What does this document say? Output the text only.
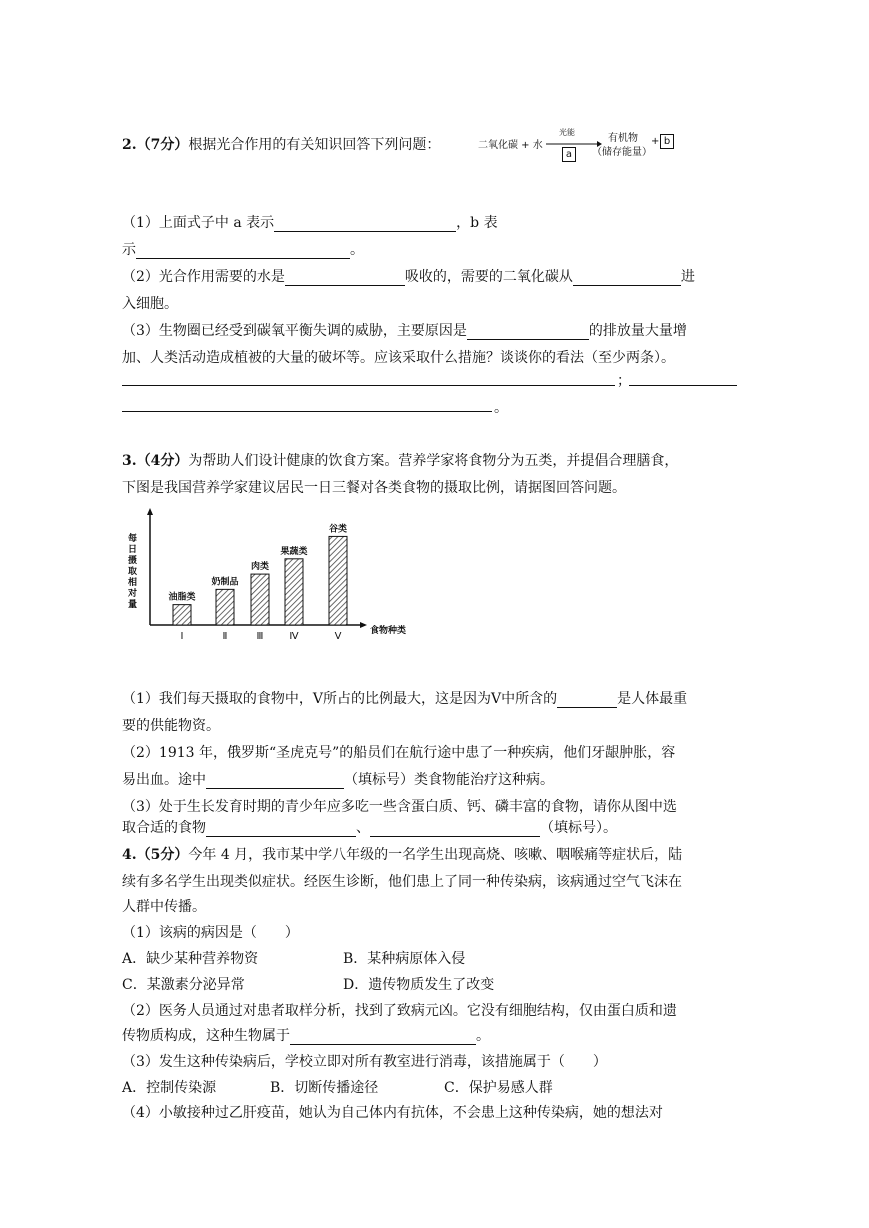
2.（7分）根据光合作用的有关知识回答下列问题：	二氧化碳 + 水
光能
a
有机物
（储存能量）
+ b
（1）上面式子中 a 表示	，b 表
示	。
（2）光合作用需要的水是	吸收的，需要的二氧化碳从	进
入细胞。
（3）生物圈已经受到碳氧平衡失调的威胁，主要原因是	的排放量大量增
加、人类活动造成植被的大量的破坏等。应该采取什么措施？谈谈你的看法（至少两条）。
；
。
3.（4分）为帮助人们设计健康的饮食方案。营养学家将食物分为五类，并提倡合理膳食，
下图是我国营养学家建议居民一日三餐对各类食物的摄取比例，请据图回答问题。
食物种类
每
日
摄
取
相
对
量
油脂类
Ⅰ
奶制品
Ⅱ
肉类
Ⅲ
果蔬类
Ⅳ
谷类
Ⅴ
（1）我们每天摄取的食物中，Ⅴ所占的比例最大，这是因为Ⅴ中所含的	是人体最重
要的供能物资。
（2）1913 年，俄罗斯“圣虎克号”的船员们在航行途中患了一种疾病，他们牙龈肿胀，容
易出血。途中	（填标号）类食物能治疗这种病。
（3）处于生长发育时期的青少年应多吃一些含蛋白质、钙、磷丰富的食物，请你从图中选
取合适的食物	、	（填标号）。
4.（5分）今年 4 月，我市某中学八年级的一名学生出现高烧、咳嗽、咽喉痛等症状后，陆
续有多名学生出现类似症状。经医生诊断，他们患上了同一种传染病，该病通过空气飞沫在
人群中传播。
（1）该病的病因是（　　）
A．缺少某种营养物资	B．某种病原体入侵
C．某激素分泌异常	D．遗传物质发生了改变
（2）医务人员通过对患者取样分析，找到了致病元凶。它没有细胞结构，仅由蛋白质和遗
传物质构成，这种生物属于	。
（3）发生这种传染病后，学校立即对所有教室进行消毒，该措施属于（　　）
A．控制传染源	B．切断传播途径	C．保护易感人群
（4）小敏接种过乙肝疫苗，她认为自己体内有抗体，不会患上这种传染病，她的想法对
